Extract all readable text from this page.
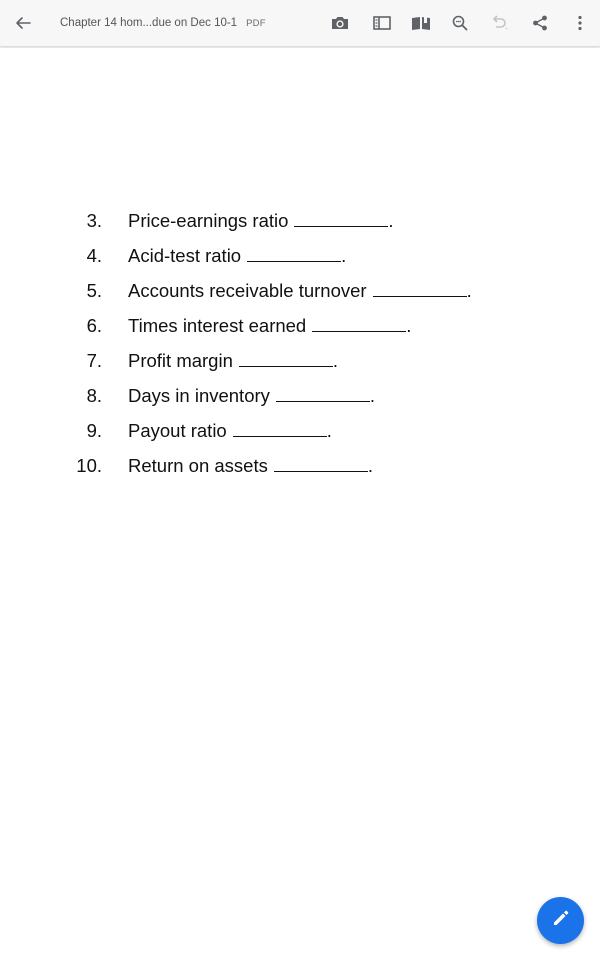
Chapter 14 hom...due on Dec 10-1 PDF
3. Price-earnings ratio	.
4. Acid-test ratio	.
5. Accounts receivable turnover	.
6. Times interest earned	.
7. Profit margin	.
8. Days in inventory	.
9. Payout ratio	.
10. Return on assets	.
